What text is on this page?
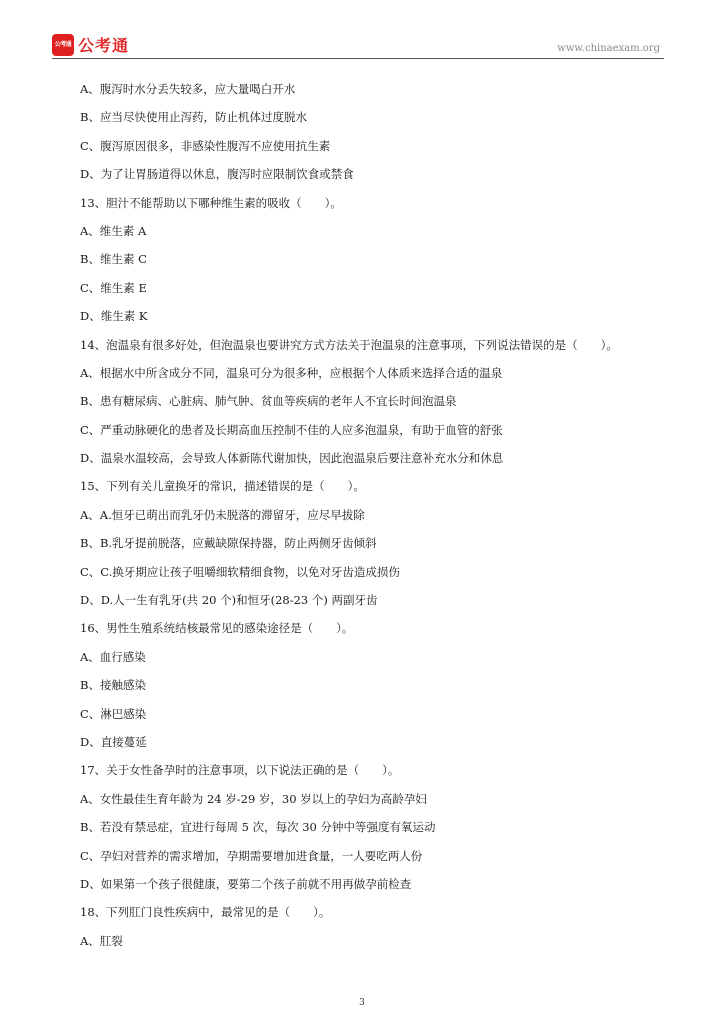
公考通 公考通	www.chinaexam.org
A、腹泻时水分丢失较多，应大量喝白开水
B、应当尽快使用止泻药，防止机体过度脱水
C、腹泻原因很多，非感染性腹泻不应使用抗生素
D、为了让胃肠道得以休息，腹泻时应限制饮食或禁食
13、胆汁不能帮助以下哪种维生素的吸收（　　）。
A、维生素 A
B、维生素 C
C、维生素 E
D、维生素 K
14、泡温泉有很多好处，但泡温泉也要讲究方式方法关于泡温泉的注意事项，下列说法错误的是（　　）。
A、根据水中所含成分不同，温泉可分为很多种，应根据个人体质来选择合适的温泉
B、患有糖尿病、心脏病、肺气肿、贫血等疾病的老年人不宜长时间泡温泉
C、严重动脉硬化的患者及长期高血压控制不佳的人应多泡温泉，有助于血管的舒张
D、温泉水温较高，会导致人体新陈代谢加快，因此泡温泉后要注意补充水分和休息
15、下列有关儿童换牙的常识，描述错误的是（　　）。
A、A.恒牙已萌出而乳牙仍未脱落的滞留牙，应尽早拔除
B、B.乳牙提前脱落，应戴缺隙保持器，防止两侧牙齿倾斜
C、C.换牙期应让孩子咀嚼细软精细食物，以免对牙齿造成损伤
D、D.人一生有乳牙(共 20 个)和恒牙(28-23 个) 两副牙齿
16、男性生殖系统结核最常见的感染途径是（　　）。
A、血行感染
B、接触感染
C、淋巴感染
D、直接蔓延
17、关于女性备孕时的注意事项，以下说法正确的是（　　）。
A、女性最佳生育年龄为 24 岁-29 岁，30 岁以上的孕妇为高龄孕妇
B、若没有禁忌症，宜进行每周 5 次，每次 30 分钟中等强度有氧运动
C、孕妇对营养的需求增加，孕期需要增加进食量，一人要吃两人份
D、如果第一个孩子很健康，要第二个孩子前就不用再做孕前检查
18、下列肛门良性疾病中，最常见的是（　　）。
A、肛裂
3
